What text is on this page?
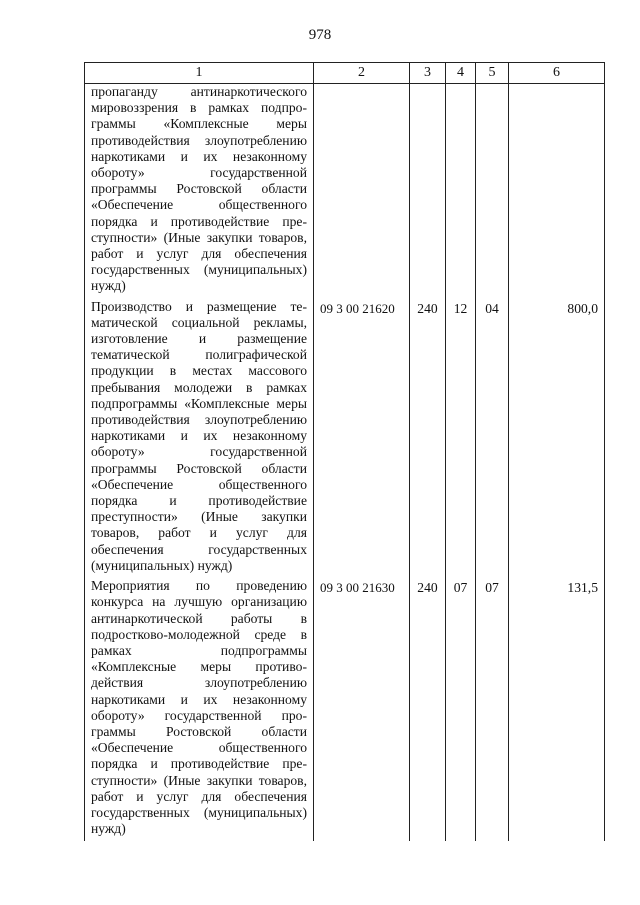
978
1	2	3	4	5	6
пропаганду антинаркотического мировоззрения в рамках подпрограммы «Комплексные меры противодействия злоупотреблению наркотиками и их незаконному обороту» государственной программы Ростовской области «Обеспечение общественного порядка и противодействие преступности» (Иные закупки товаров, работ и услуг для обеспечения государственных (муниципальных) нужд)					
Производство и размещение тематической социальной рекламы, изготовление и размещение тематической полиграфической продукции в местах массового пребывания молодежи в рамках подпрограммы «Комплексные меры противодействия злоупотреблению наркотиками и их незаконному обороту» государственной программы Ростовской области «Обеспечение общественного порядка и противодействие преступности» (Иные закупки товаров, работ и услуг для обеспечения государственных (муниципальных) нужд)	09 3 00 21620	240	12	04	800,0
Мероприятия по проведению конкурса на лучшую организацию антинаркотической работы в подростково-молодежной среде в рамках подпрограммы «Комплексные меры противодействия злоупотреблению наркотиками и их незаконному обороту» государственной программы Ростовской области «Обеспечение общественного порядка и противодействие преступности» (Иные закупки товаров, работ и услуг для обеспечения государственных (муниципальных) нужд)	09 3 00 21630	240	07	07	131,5
